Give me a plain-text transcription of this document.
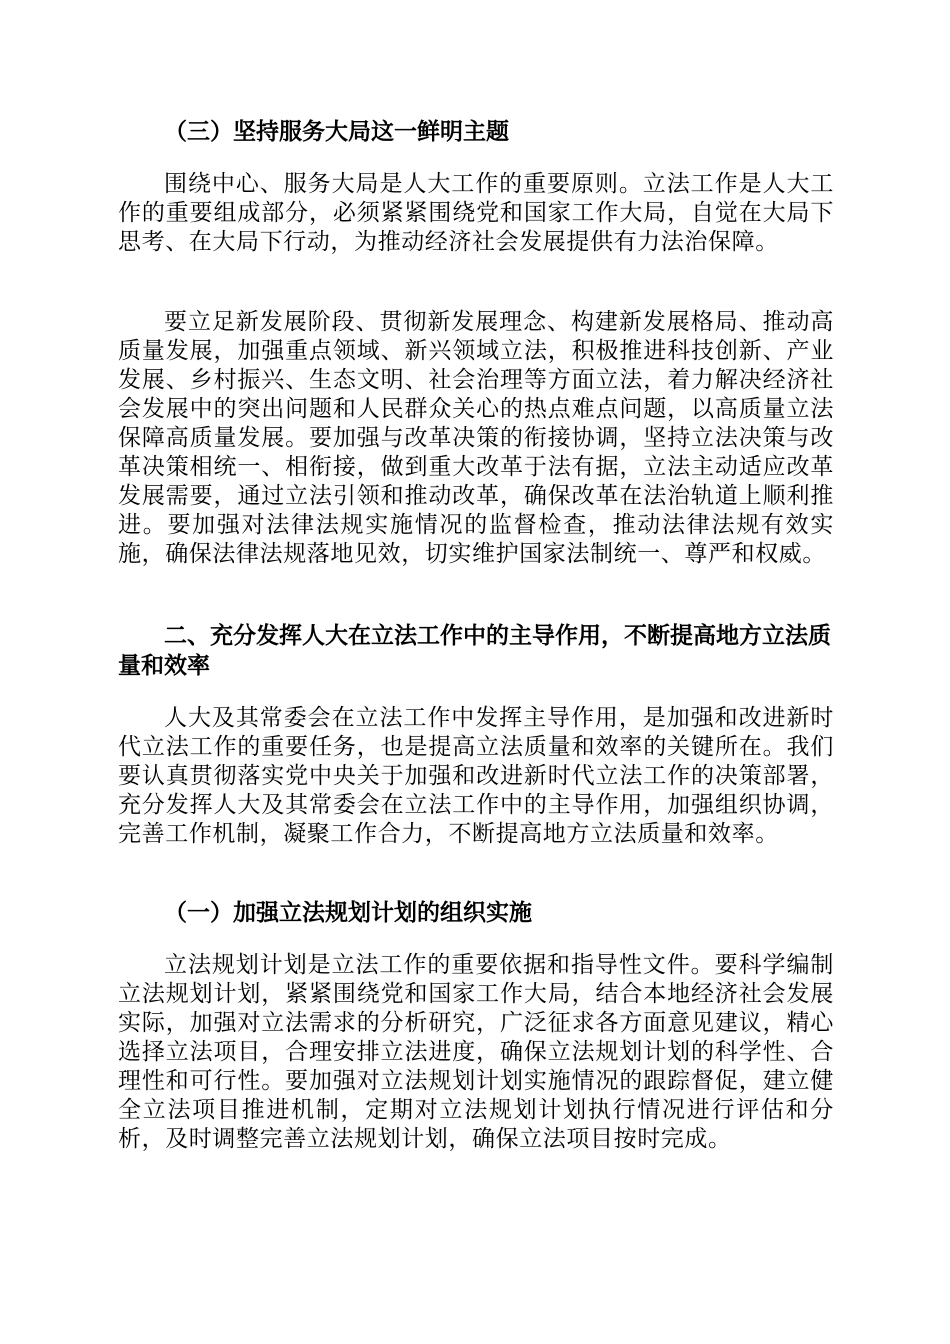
（三）坚持服务大局这一鲜明主题

围绕中心、服务大局是人大工作的重要原则。立法工作是人大工作的重要组成部分，必须紧紧围绕党和国家工作大局，自觉在大局下思考、在大局下行动，为推动经济社会发展提供有力法治保障。

要立足新发展阶段、贯彻新发展理念、构建新发展格局、推动高质量发展，加强重点领域、新兴领域立法，积极推进科技创新、产业发展、乡村振兴、生态文明、社会治理等方面立法，着力解决经济社会发展中的突出问题和人民群众关心的热点难点问题，以高质量立法保障高质量发展。要加强与改革决策的衔接协调，坚持立法决策与改革决策相统一、相衔接，做到重大改革于法有据，立法主动适应改革发展需要，通过立法引领和推动改革，确保改革在法治轨道上顺利推进。要加强对法律法规实施情况的监督检查，推动法律法规有效实施，确保法律法规落地见效，切实维护国家法制统一、尊严和权威。

二、充分发挥人大在立法工作中的主导作用，不断提高地方立法质量和效率

人大及其常委会在立法工作中发挥主导作用，是加强和改进新时代立法工作的重要任务，也是提高立法质量和效率的关键所在。我们要认真贯彻落实党中央关于加强和改进新时代立法工作的决策部署，充分发挥人大及其常委会在立法工作中的主导作用，加强组织协调，完善工作机制，凝聚工作合力，不断提高地方立法质量和效率。

（一）加强立法规划计划的组织实施

立法规划计划是立法工作的重要依据和指导性文件。要科学编制立法规划计划，紧紧围绕党和国家工作大局，结合本地经济社会发展实际，加强对立法需求的分析研究，广泛征求各方面意见建议，精心选择立法项目，合理安排立法进度，确保立法规划计划的科学性、合理性和可行性。要加强对立法规划计划实施情况的跟踪督促，建立健全立法项目推进机制，定期对立法规划计划执行情况进行评估和分析，及时调整完善立法规划计划，确保立法项目按时完成。
